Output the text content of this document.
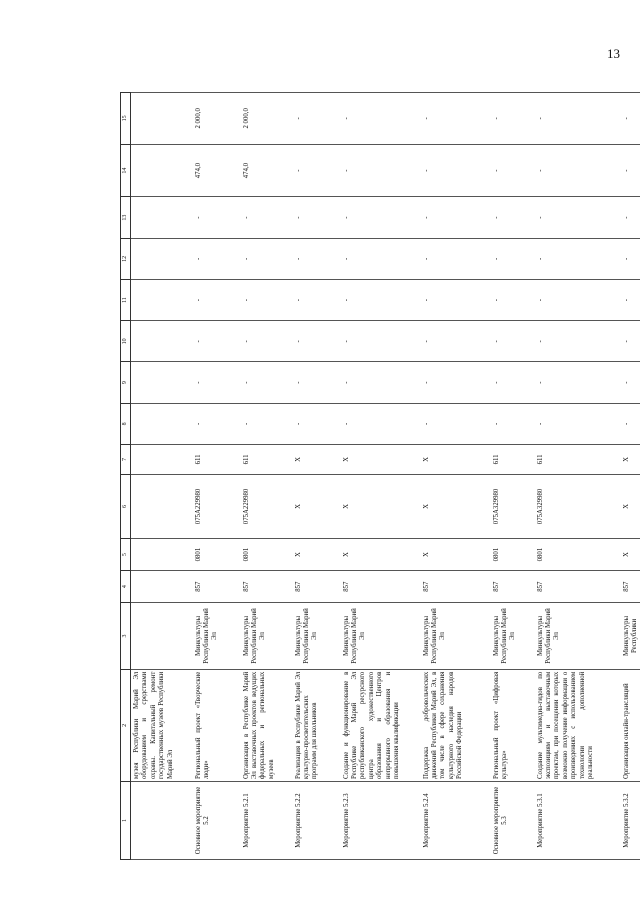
13
1	2	3	4	5	6	7	8	9	10	11	12	13	14	15
	музея Республики Марий Эл оборудованием и средствами охраны. Капитальный ремонт государственных музеев Республики Марий Эл													
Основное мероприятие 5.2	Региональный проект «Творческие люди»	Минкультуры Республики Марий Эл	857	0801	075A229980	611	-	-	-	-	-	-	474,0	2 000,0
Мероприятие 5.2.1	Организация в Республике Марий Эл выставочных проектов ведущих федеральных и региональных музеев	Минкультуры Республики Марий Эл	857	0801	075A229980	611	-	-	-	-	-	-	474,0	2 000,0
Мероприятие 5.2.2	Реализация в Республике Марий Эл культурно-просветительских программ для школьников	Минкультуры Республики Марий Эл	857	X	X	X	-	-	-	-	-	-	-	-
Мероприятие 5.2.3	Создание и функционирование в Республике Марий Эл республиканского ресурсного центра художественного образования и Центров непрерывного образования и повышения квалификации	Минкультуры Республики Марий Эл	857	X	X	X	-	-	-	-	-	-	-	-
Мероприятие 5.2.4	Поддержка добровольческих движений Республики Марий Эл, в том числе в сфере сохранения культурного наследия народов Российской Федерации	Минкультуры Республики Марий Эл	857	X	X	X	-	-	-	-	-	-	-	-
Основное мероприятие 5.3	Региональный проект «Цифровая культура»	Минкультуры Республики Марий Эл	857	0801	075A329980	611	-	-	-	-	-	-	-	-
Мероприятие 5.3.1	Создание мультимедиа-гидов по экспозициям и выставочным проектам, при посещении которых возможно получение информации о произведениях с использованием технологии дополненной реальности	Минкультуры Республики Марий Эл	857	0801	075A329980	611	-	-	-	-	-	-	-	-
Мероприятие 5.3.2	Организация онлайн-трансляций	Минкультуры Республики	857	X	X	X	-	-	-	-	-	-	-	-
